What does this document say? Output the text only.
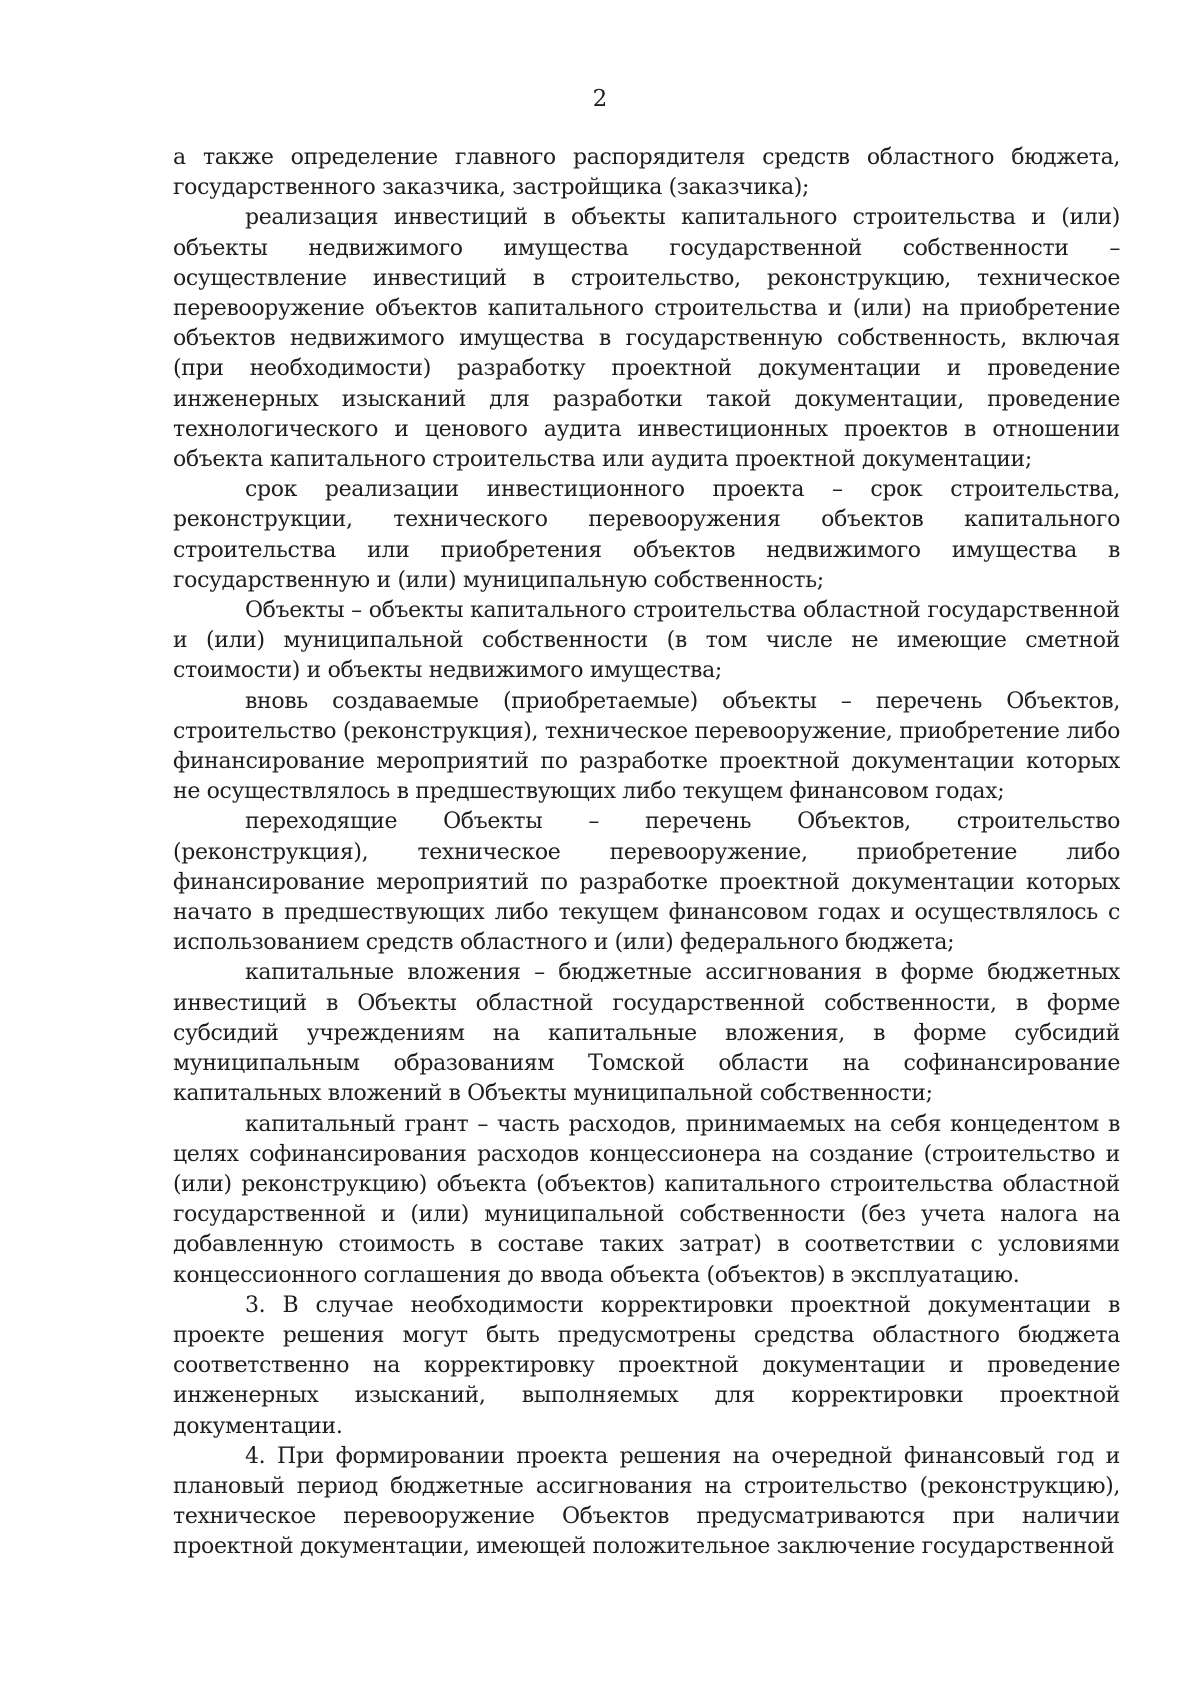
2

а также определение главного распорядителя средств областного бюджета, государственного заказчика, застройщика (заказчика);

реализация инвестиций в объекты капитального строительства и (или) объекты недвижимого имущества государственной собственности – осуществление инвестиций в строительство, реконструкцию, техническое перевооружение объектов капитального строительства и (или) на приобретение объектов недвижимого имущества в государственную собственность, включая (при необходимости) разработку проектной документации и проведение инженерных изысканий для разработки такой документации, проведение технологического и ценового аудита инвестиционных проектов в отношении объекта капитального строительства или аудита проектной документации;

срок реализации инвестиционного проекта – срок строительства, реконструкции, технического перевооружения объектов капитального строительства или приобретения объектов недвижимого имущества в государственную и (или) муниципальную собственность;

Объекты – объекты капитального строительства областной государственной и (или) муниципальной собственности (в том числе не имеющие сметной стоимости) и объекты недвижимого имущества;

вновь создаваемые (приобретаемые) объекты – перечень Объектов, строительство (реконструкция), техническое перевооружение, приобретение либо финансирование мероприятий по разработке проектной документации которых не осуществлялось в предшествующих либо текущем финансовом годах;

переходящие Объекты – перечень Объектов, строительство (реконструкция), техническое перевооружение, приобретение либо финансирование мероприятий по разработке проектной документации которых начато в предшествующих либо текущем финансовом годах и осуществлялось с использованием средств областного и (или) федерального бюджета;

капитальные вложения – бюджетные ассигнования в форме бюджетных инвестиций в Объекты областной государственной собственности, в форме субсидий учреждениям на капитальные вложения, в форме субсидий муниципальным образованиям Томской области на софинансирование капитальных вложений в Объекты муниципальной собственности;

капитальный грант – часть расходов, принимаемых на себя концедентом в целях софинансирования расходов концессионера на создание (строительство и (или) реконструкцию) объекта (объектов) капитального строительства областной государственной и (или) муниципальной собственности (без учета налога на добавленную стоимость в составе таких затрат) в соответствии с условиями концессионного соглашения до ввода объекта (объектов) в эксплуатацию.

3. В случае необходимости корректировки проектной документации в проекте решения могут быть предусмотрены средства областного бюджета соответственно на корректировку проектной документации и проведение инженерных изысканий, выполняемых для корректировки проектной документации.

4. При формировании проекта решения на очередной финансовый год и плановый период бюджетные ассигнования на строительство (реконструкцию), техническое перевооружение Объектов предусматриваются при наличии проектной документации, имеющей положительное заключение государственной
